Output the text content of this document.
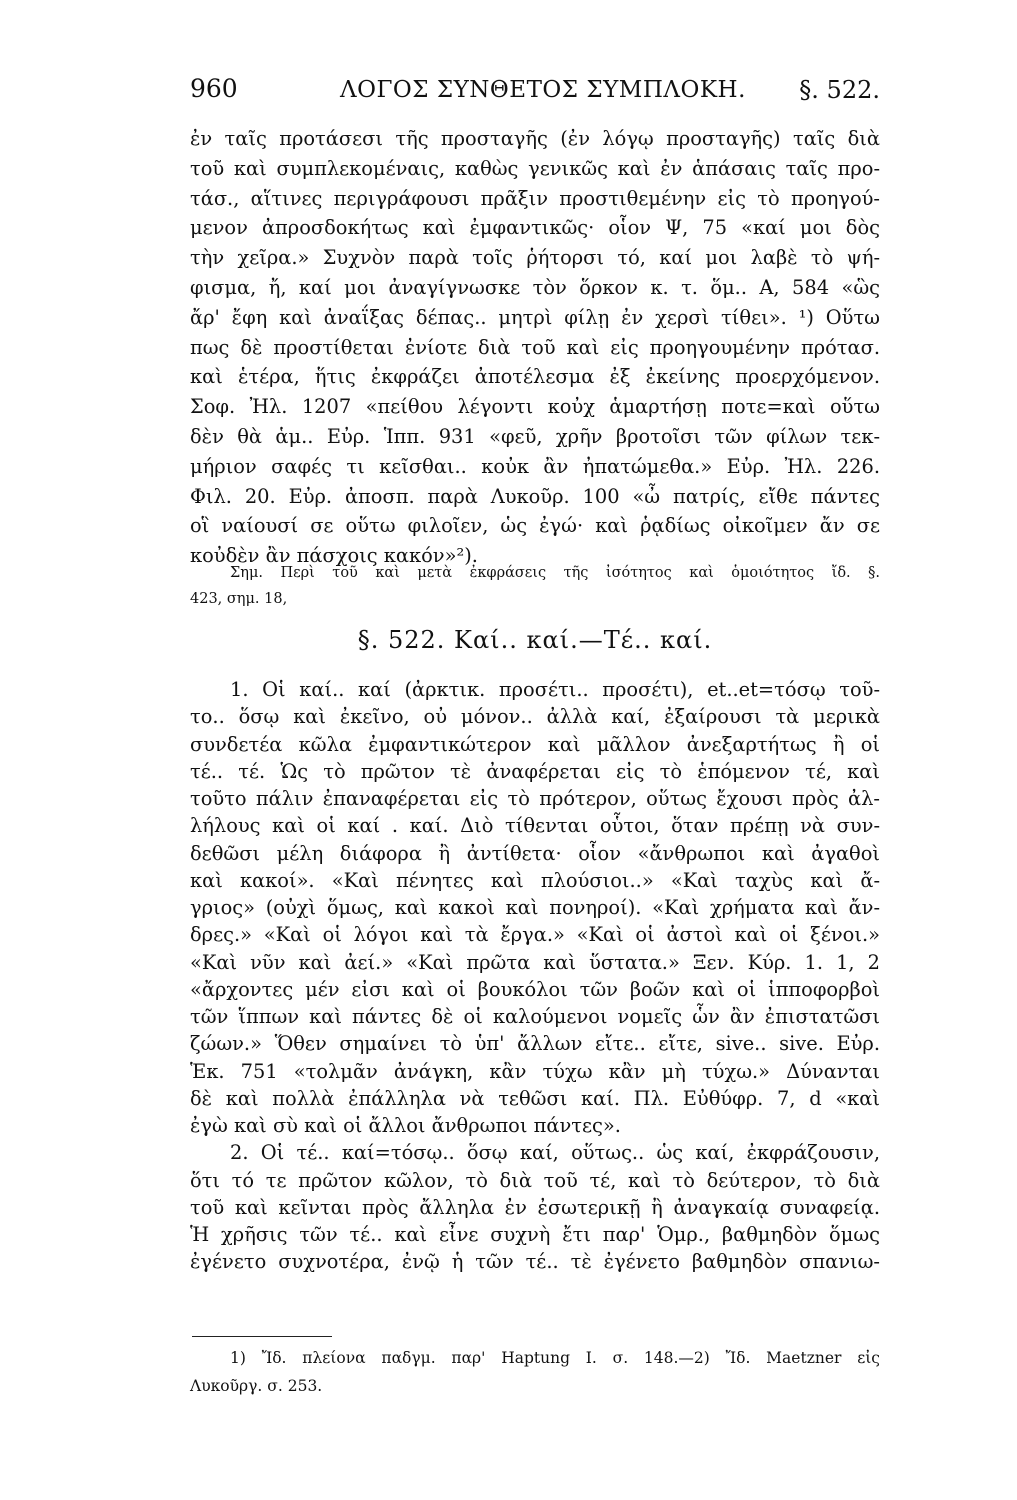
960	ΛΟΓΟΣ ΣΥΝΘΕΤΟΣ ΣΥΜΠΛΟΚΗ. §. 522.
ἐν ταῖς προτάσεσι τῆς προσταγῆς (ἐν λόγῳ προσταγῆς) ταῖς διὰ
τοῦ καὶ συμπλεκομέναις, καθὼς γενικῶς καὶ ἐν ἁπάσαις ταῖς προ-
τάσ., αἵτινες περιγράφουσι πρᾶξιν προστιθεμένην εἰς τὸ προηγού-
μενον ἀπροσδοκήτως καὶ ἐμφαντικῶς· οἷον Ψ, 75 «καί μοι δὸς
τὴν χεῖρα.» Συχνὸν παρὰ τοῖς ῥήτορσι τό, καί μοι λαβὲ τὸ ψή-
φισμα, ἤ, καί μοι ἀναγίγνωσκε τὸν ὅρκον κ. τ. ὅμ.. Α, 584 «ὣς
ἄρ' ἔφη καὶ ἀναΐξας δέπας.. μητρὶ φίλῃ ἐν χερσὶ τίθει». ¹) Οὕτω
πως δὲ προστίθεται ἐνίοτε διὰ τοῦ καὶ εἰς προηγουμένην πρότασ.
καὶ ἑτέρα, ἥτις ἐκφράζει ἀποτέλεσμα ἐξ ἐκείνης προερχόμενον.
Σοφ. Ἠλ. 1207 «πείθου λέγοντι κοὐχ ἁμαρτήσῃ ποτε=καὶ οὕτω
δὲν θὰ ἁμ.. Εὐρ. Ἱππ. 931 «φεῦ, χρῆν βροτοῖσι τῶν φίλων τεκ-
μήριον σαφές τι κεῖσθαι.. κοὐκ ἂν ἠπατώμεθα.» Εὐρ. Ἠλ. 226.
Φιλ. 20. Εὐρ. ἀποσπ. παρὰ Λυκοῦρ. 100 «ὦ πατρίς, εἴθε πάντες
οἳ ναίουσί σε οὕτω φιλοῖεν, ὡς ἐγώ· καὶ ῥᾳδίως οἰκοῖμεν ἄν σε
κοὐδὲν ἂν πάσχοις κακόν»²).
Σημ. Περὶ τοῦ καὶ μετὰ ἐκφράσεις τῆς ἰσότητος καὶ ὁμοιότητος ἴδ. §.
423, σημ. 18,
§. 522. Καί.. καί.—Τέ.. καί.
1. Οἱ καί.. καί (ἀρκτικ. προσέτι.. προσέτι), et..et=τόσῳ τοῦ-
το.. ὅσῳ καὶ ἐκεῖνο, οὐ μόνον.. ἀλλὰ καί, ἐξαίρουσι τὰ μερικὰ
συνδετέα κῶλα ἐμφαντικώτερον καὶ μᾶλλον ἀνεξαρτήτως ἢ οἱ
τέ.. τέ. Ὡς τὸ πρῶτον τὲ ἀναφέρεται εἰς τὸ ἑπόμενον τέ, καὶ
τοῦτο πάλιν ἐπαναφέρεται εἰς τὸ πρότερον, οὕτως ἔχουσι πρὸς ἀλ-
λήλους καὶ οἱ καί . καί. Διὸ τίθενται οὗτοι, ὅταν πρέπῃ νὰ συν-
δεθῶσι μέλη διάφορα ἢ ἀντίθετα· οἷον «ἄνθρωποι καὶ ἀγαθοὶ
καὶ κακοί». «Καὶ πένητες καὶ πλούσιοι..» «Καὶ ταχὺς καὶ ἄ-
γριος» (οὐχὶ ὅμως, καὶ κακοὶ καὶ πονηροί). «Καὶ χρήματα καὶ ἄν-
δρες.» «Καὶ οἱ λόγοι καὶ τὰ ἔργα.» «Καὶ οἱ ἀστοὶ καὶ οἱ ξένοι.»
«Καὶ νῦν καὶ ἀεί.» «Καὶ πρῶτα καὶ ὕστατα.» Ξεν. Κύρ. 1. 1, 2
«ἄρχοντες μέν εἰσι καὶ οἱ βουκόλοι τῶν βοῶν καὶ οἱ ἱπποφορβοὶ
τῶν ἵππων καὶ πάντες δὲ οἱ καλούμενοι νομεῖς ὧν ἂν ἐπιστατῶσι
ζώων.» Ὅθεν σημαίνει τὸ ὑπ' ἄλλων εἴτε.. εἴτε, sive.. sive. Εὐρ.
Ἑκ. 751 «τολμᾶν ἀνάγκη, κἂν τύχω κἂν μὴ τύχω.» Δύνανται
δὲ καὶ πολλὰ ἐπάλληλα νὰ τεθῶσι καί. Πλ. Εὐθύφρ. 7, d «καὶ
ἐγὼ καὶ σὺ καὶ οἱ ἄλλοι ἄνθρωποι πάντες».
2. Οἱ τέ.. καί=τόσῳ.. ὅσῳ καί, οὕτως.. ὡς καί, ἐκφράζουσιν,
ὅτι τό τε πρῶτον κῶλον, τὸ διὰ τοῦ τέ, καὶ τὸ δεύτερον, τὸ διὰ
τοῦ καὶ κεῖνται πρὸς ἄλληλα ἐν ἐσωτερικῇ ἢ ἀναγκαίᾳ συναφείᾳ.
Ἡ χρῆσις τῶν τέ.. καὶ εἶνε συχνὴ ἔτι παρ' Ὁμρ., βαθμηδὸν ὅμως
ἐγένετο συχνοτέρα, ἐνῷ ἡ τῶν τέ.. τὲ ἐγένετο βαθμηδὸν σπανιω-
1) Ἴδ. πλείονα παδγμ. παρ' Haptung I. σ. 148.—2) Ἴδ. Maetzner εἰς
Λυκοῦργ. σ. 253.
